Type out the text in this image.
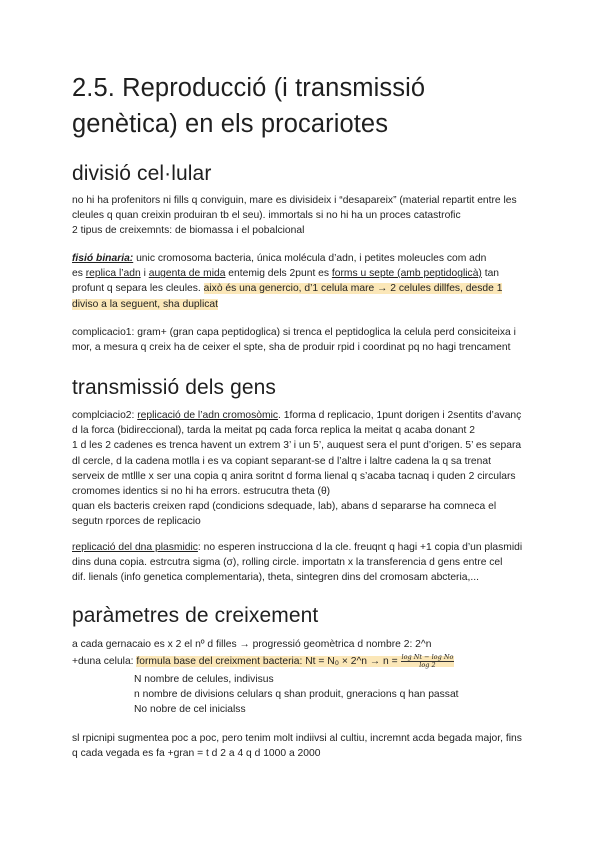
2.5. Reproducció (i transmissió
genètica) en els procariotes
divisió cel·lular
no hi ha profenitors ni fills q conviguin, mare es divisideix i “desapareix” (material repartit entre les
cleules q quan creixin produiran tb el seu). immortals si no hi ha un proces catastrofic
2 tipus de creixemnts: de biomassa i el pobalcional
fisió binaria: unic cromosoma bacteria, única molécula d’adn, i petites moleucles com adn
es replica l’adn i augenta de mida entemig dels 2punt es forms u septe (amb peptidoglicà) tan
profunt q separa les cleules. això és una genercio, d’1 celula mare → 2 celules dillfes, desde 1
diviso a la seguent, sha duplicat
complicacio1: gram+ (gran capa peptidoglica) si trenca el peptidoglica la celula perd consiciteixa i
mor, a mesura q creix ha de ceixer el spte, sha de produir rpid i coordinat pq no hagi trencament
transmissió dels gens
complciacio2: replicació de l’adn cromosòmic. 1forma d replicacio, 1punt dorigen i 2sentits d’avanç
d la forca (bidireccional), tarda la meitat pq cada forca replica la meitat q acaba donant 2
1 d les 2 cadenes es trenca havent un extrem 3’ i un 5’, auquest sera el punt d’origen. 5’ es separa
dl cercle, d la cadena motlla i es va copiant separant-se d l’altre i laltre cadena la q sa trenat
serveix de mtllle x ser una copia q anira soritnt d forma lienal q s’acaba tacnaq i quden 2 circulars
cromomes identics si no hi ha errors. estrucutra theta (θ)
quan els bacteris creixen rapd (condicions sdequade, lab), abans d separarse ha comneca el
segutn rporces de replicacio
replicació del dna plasmidic: no esperen instrucciona d la cle. freuqnt q hagi +1 copia d’un plasmidi
dins duna copia. estrcutra sigma (σ), rolling circle. importatn x la transferencia d gens entre cel
dif. lienals (info genetica complementaria), theta, sintegren dins del cromosam abcteria,...
paràmetres de creixement
a cada gernacaio es x 2 el nº d filles → progressió geomètrica d nombre 2: 2^n
+duna celula: formula base del creixment bacteria: Nt = N₀ × 2^n → $n = \frac{\text{log Nt − log No}}{\log 2}$
N nombre de celules, indivisus
n nombre de divisions celulars q shan produit, gneracions q han passat
No nobre de cel inicialss
sl rpicnipi sugmentea poc a poc, pero tenim molt indiivsi al cultiu, incremnt acda begada major, fins
q cada vegada es fa +gran = t d 2 a 4 q d 1000 a 2000
